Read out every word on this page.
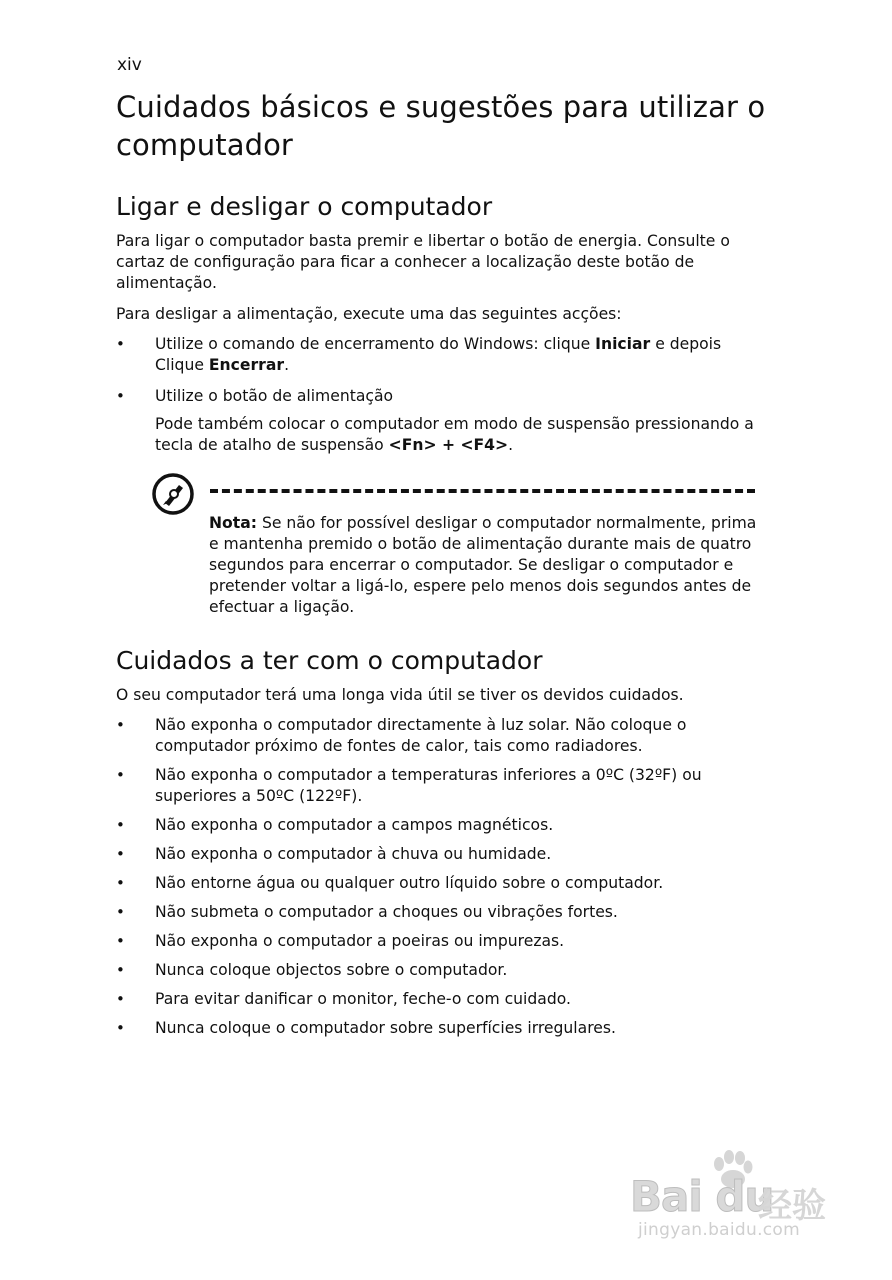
xiv
Cuidados básicos e sugestões para utilizar o computador
Ligar e desligar o computador

Para ligar o computador basta premir e libertar o botão de energia. Consulte o cartaz de configuração para ficar a conhecer a localização deste botão de alimentação.

Para desligar a alimentação, execute uma das seguintes acções:

•	Utilize o comando de encerramento do Windows: clique Iniciar e depois Clique Encerrar.
•	Utilize o botão de alimentação

Pode também colocar o computador em modo de suspensão pressionando a tecla de atalho de suspensão <Fn> + <F4>.

Nota: Se não for possível desligar o computador normalmente, prima e mantenha premido o botão de alimentação durante mais de quatro segundos para encerrar o computador. Se desligar o computador e pretender voltar a ligá-lo, espere pelo menos dois segundos antes de efectuar a ligação.

Cuidados a ter com o computador

O seu computador terá uma longa vida útil se tiver os devidos cuidados.

•	Não exponha o computador directamente à luz solar. Não coloque o computador próximo de fontes de calor, tais como radiadores.
•	Não exponha o computador a temperaturas inferiores a 0ºC (32ºF) ou superiores a 50ºC (122ºF).
•	Não exponha o computador a campos magnéticos.
•	Não exponha o computador à chuva ou humidade.
•	Não entorne água ou qualquer outro líquido sobre o computador.
•	Não submeta o computador a choques ou vibrações fortes.
•	Não exponha o computador a poeiras ou impurezas.
•	Nunca coloque objectos sobre o computador.
•	Para evitar danificar o monitor, feche-o com cuidado.
•	Nunca coloque o computador sobre superfícies irregulares.
Bai du
经验
jingyan.baidu.com
